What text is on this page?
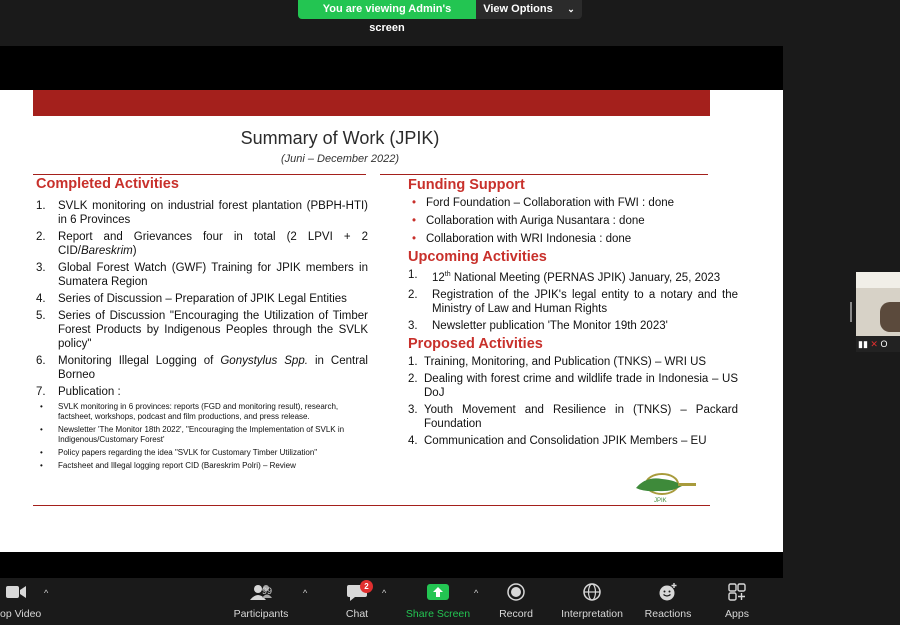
You are viewing Admin's screen
View Options ⌄
Summary of Work (JPIK)
(Juni – December 2022)
Completed Activities
1.	SVLK monitoring on industrial forest plantation (PBPH-HTI) in 6 Provinces
2.	Report and Grievances four in total (2 LPVI + 2 CID/Bareskrim)
3.	Global Forest Watch (GWF) Training for JPIK members in Sumatera Region
4.	Series of Discussion – Preparation of JPIK Legal Entities
5.	Series of Discussion "Encouraging the Utilization of Timber Forest Products by Indigenous Peoples through the SVLK policy"
6.	Monitoring Illegal Logging of Gonystylus Spp. in Central Borneo
7.	Publication :
•	SVLK monitoring in 6 provinces: reports (FGD and monitoring result), research, factsheet, workshops, podcast and film productions, and press release.
•	Newsletter 'The Monitor 18th 2022', "Encouraging the Implementation of SVLK in Indigenous/Customary Forest'
•	Policy papers regarding the idea "SVLK for Customary Timber Utilization"
•	Factsheet and Illegal logging report CID (Bareskrim Polri) – Review
Funding Support
• Ford Foundation – Collaboration with FWI : done
• Collaboration with Auriga Nusantara : done
• Collaboration with WRI Indonesia : done
Upcoming Activities
1.	12th National Meeting (PERNAS JPIK) January, 25, 2023
2.	Registration of the JPIK's legal entity to a notary and the Ministry of Law and Human Rights
3.	Newsletter publication 'The Monitor 19th 2023'
Proposed Activities
1. Training, Monitoring, and Publication (TNKS) – WRI US
2. Dealing with forest crime and wildlife trade in Indonesia – US DoJ
3. Youth Movement and Resilience in (TNKS) – Packard Foundation
4. Communication and Consolidation JPIK Members – EU
JPIK
▮▮ ✕ O
op Video
^	99
Participants
^
2
Chat
^
Share Screen
^
Record	Interpretation Reactions	Apps
